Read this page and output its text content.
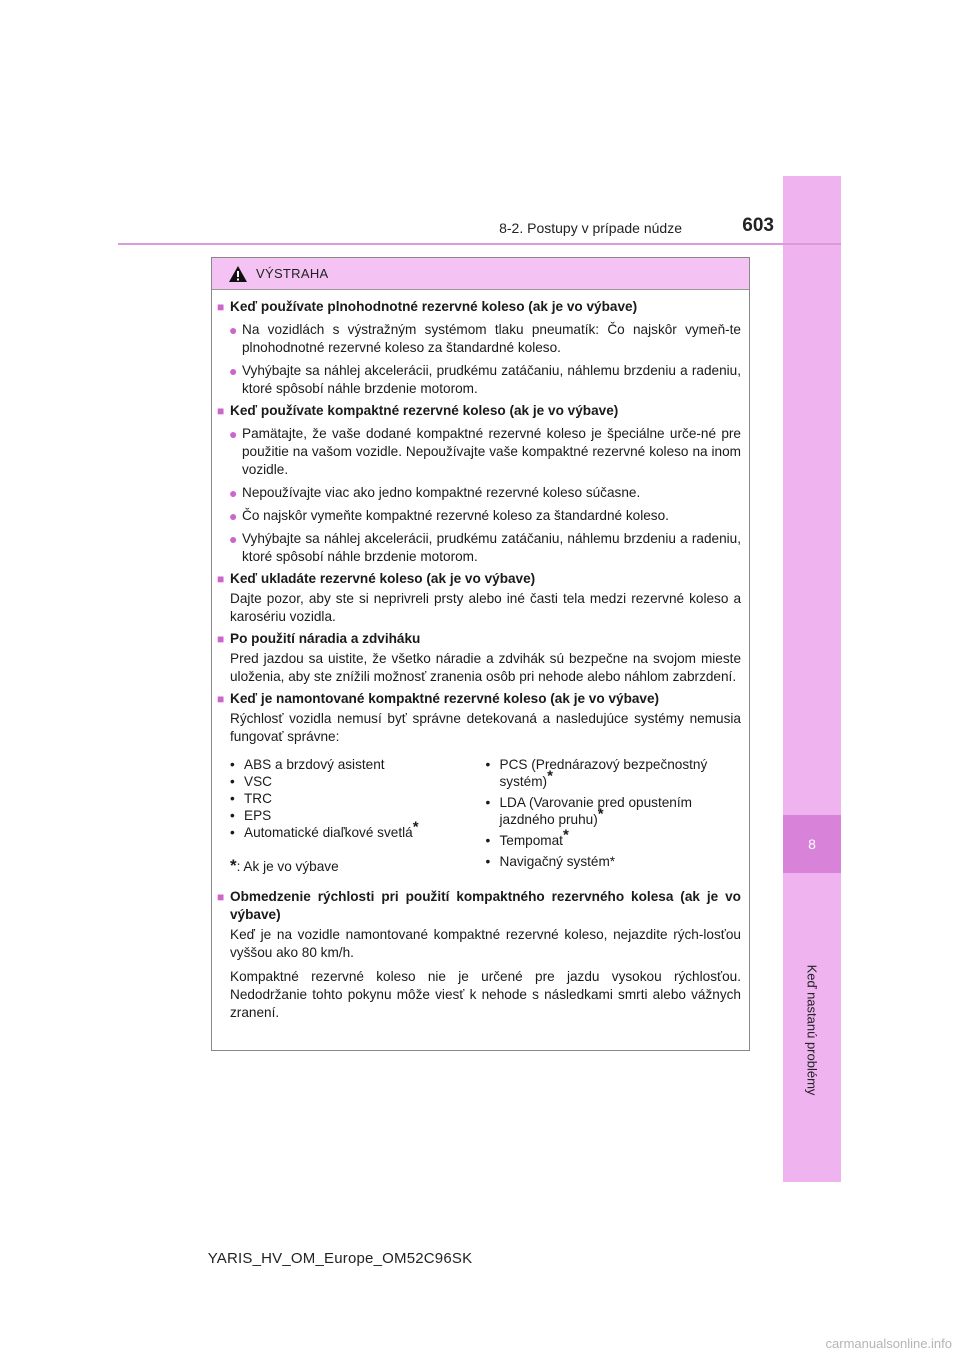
8
Keď nastanú problémy
8-2. Postupy v prípade núdze	603
VÝSTRAHA
■ Keď používate plnohodnotné rezervné koleso (ak je vo výbave)
● Na vozidlách s výstražným systémom tlaku pneumatík: Čo najskôr vymeň-te plnohodnotné rezervné koleso za štandardné koleso.
● Vyhýbajte sa náhlej akcelerácii, prudkému zatáčaniu, náhlemu brzdeniu a radeniu, ktoré spôsobí náhle brzdenie motorom.
■ Keď používate kompaktné rezervné koleso (ak je vo výbave)
● Pamätajte, že vaše dodané kompaktné rezervné koleso je špeciálne urče-né pre použitie na vašom vozidle. Nepoužívajte vaše kompaktné rezervné koleso na inom vozidle.
● Nepoužívajte viac ako jedno kompaktné rezervné koleso súčasne.
● Čo najskôr vymeňte kompaktné rezervné koleso za štandardné koleso.
● Vyhýbajte sa náhlej akcelerácii, prudkému zatáčaniu, náhlemu brzdeniu a radeniu, ktoré spôsobí náhle brzdenie motorom.
■ Keď ukladáte rezervné koleso (ak je vo výbave)
Dajte pozor, aby ste si neprivreli prsty alebo iné časti tela medzi rezervné koleso a karosériu vozidla.
■ Po použití náradia a zdviháku
Pred jazdou sa uistite, že všetko náradie a zdvihák sú bezpečne na svojom mieste uloženia, aby ste znížili možnosť zranenia osôb pri nehode alebo náhlom zabrzdení.
■ Keď je namontované kompaktné rezervné koleso (ak je vo výbave)
Rýchlosť vozidla nemusí byť správne detekovaná a nasledujúce systémy nemusia fungovať správne:
• ABS a brzdový asistent
• VSC
• TRC
• EPS
• Automatické diaľkové svetlá*
*: Ak je vo výbave
• PCS (Prednárazový bezpečnostný systém)*
• LDA (Varovanie pred opustením jazdného pruhu)*
• Tempomat*
• Navigačný systém*
■ Obmedzenie rýchlosti pri použití kompaktného rezervného kolesa (ak je vo výbave)
Keď je na vozidle namontované kompaktné rezervné koleso, nejazdite rých-losťou vyššou ako 80 km/h.
Kompaktné rezervné koleso nie je určené pre jazdu vysokou rýchlosťou. Nedodržanie tohto pokynu môže viesť k nehode s následkami smrti alebo vážnych zranení.
YARIS_HV_OM_Europe_OM52C96SK
carmanualsonline.info
